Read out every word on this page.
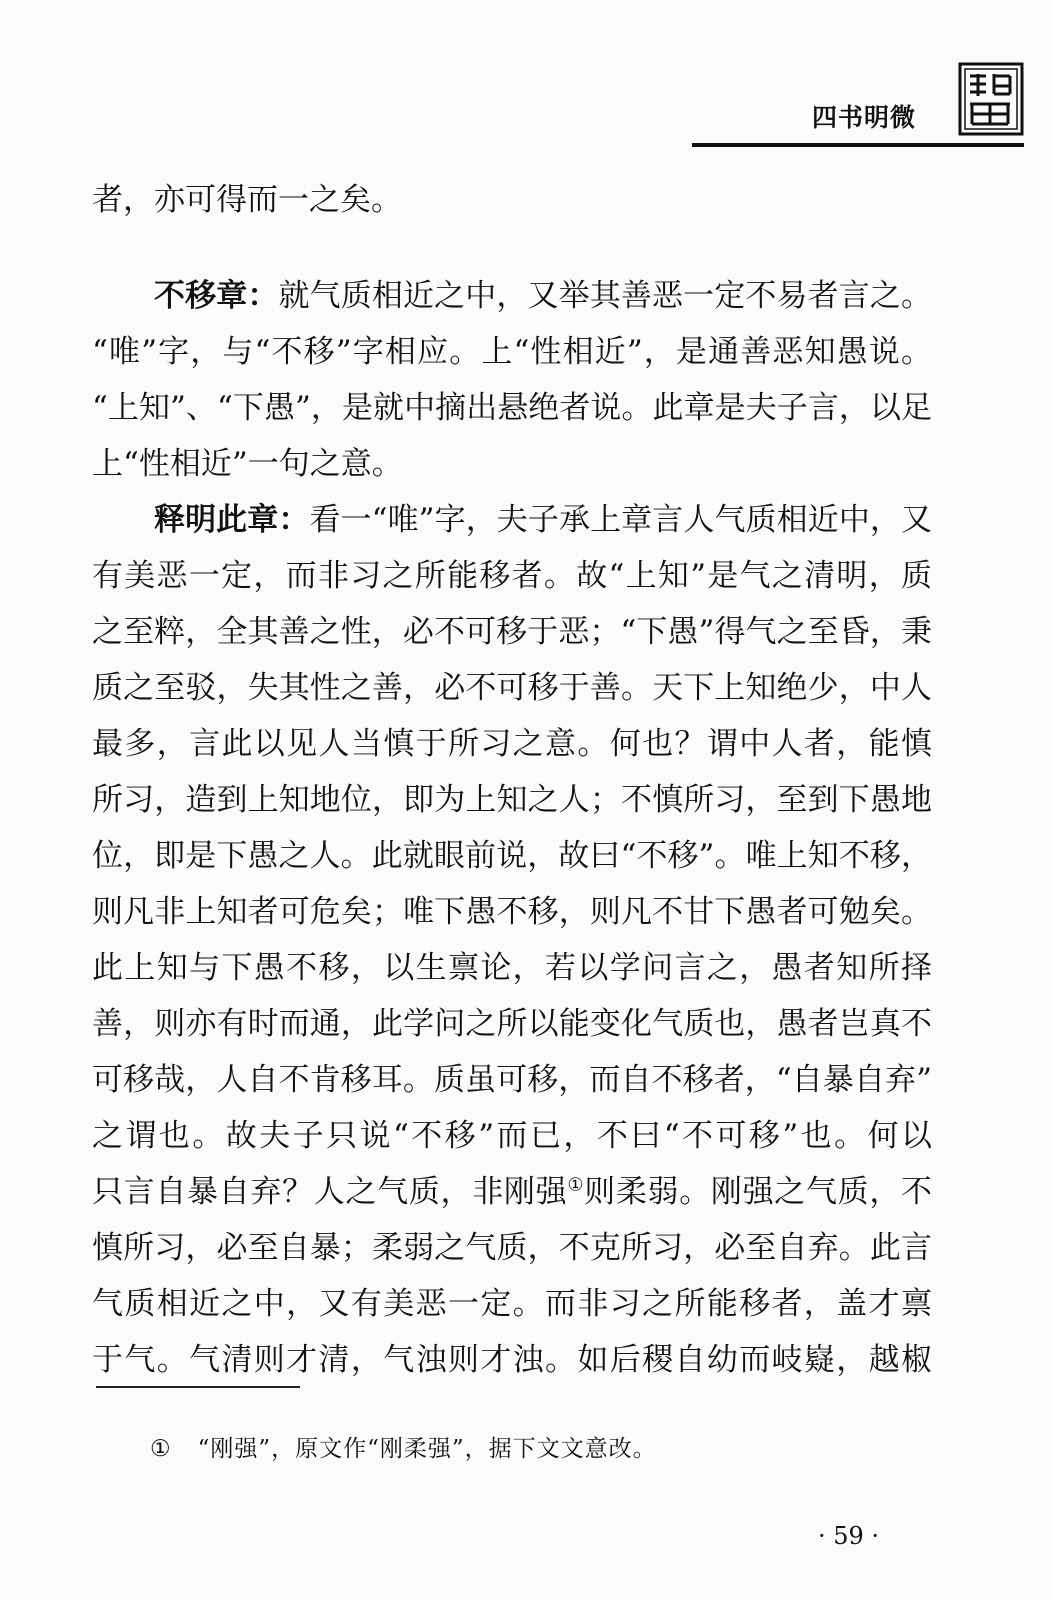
四书明微
者，亦可得而一之矣。
不移章：就气质相近之中，又举其善恶一定不易者言之。
“唯”字，与“不移”字相应。上“性相近”，是通善恶知愚说。
“上知”、“下愚”，是就中摘出悬绝者说。此章是夫子言，以足
上“性相近”一句之意。
释明此章：看一“唯”字，夫子承上章言人气质相近中，又
有美恶一定，而非习之所能移者。故“上知”是气之清明，质
之至粹，全其善之性，必不可移于恶；“下愚”得气之至昏，秉
质之至驳，失其性之善，必不可移于善。天下上知绝少，中人
最多，言此以见人当慎于所习之意。何也？谓中人者，能慎
所习，造到上知地位，即为上知之人；不慎所习，至到下愚地
位，即是下愚之人。此就眼前说，故曰“不移”。唯上知不移，
则凡非上知者可危矣；唯下愚不移，则凡不甘下愚者可勉矣。
此上知与下愚不移，以生禀论，若以学问言之，愚者知所择
善，则亦有时而通，此学问之所以能变化气质也，愚者岂真不
可移哉，人自不肯移耳。质虽可移，而自不移者，“自暴自弃”
之谓也。故夫子只说“不移”而已，不曰“不可移”也。何以
只言自暴自弃？人之气质，非刚强①则柔弱。刚强之气质，不
慎所习，必至自暴；柔弱之气质，不克所习，必至自弃。此言
气质相近之中，又有美恶一定。而非习之所能移者，盖才禀
于气。气清则才清，气浊则才浊。如后稷自幼而岐嶷，越椒
① “刚强”，原文作“刚柔强”，据下文文意改。
· 59 ·
